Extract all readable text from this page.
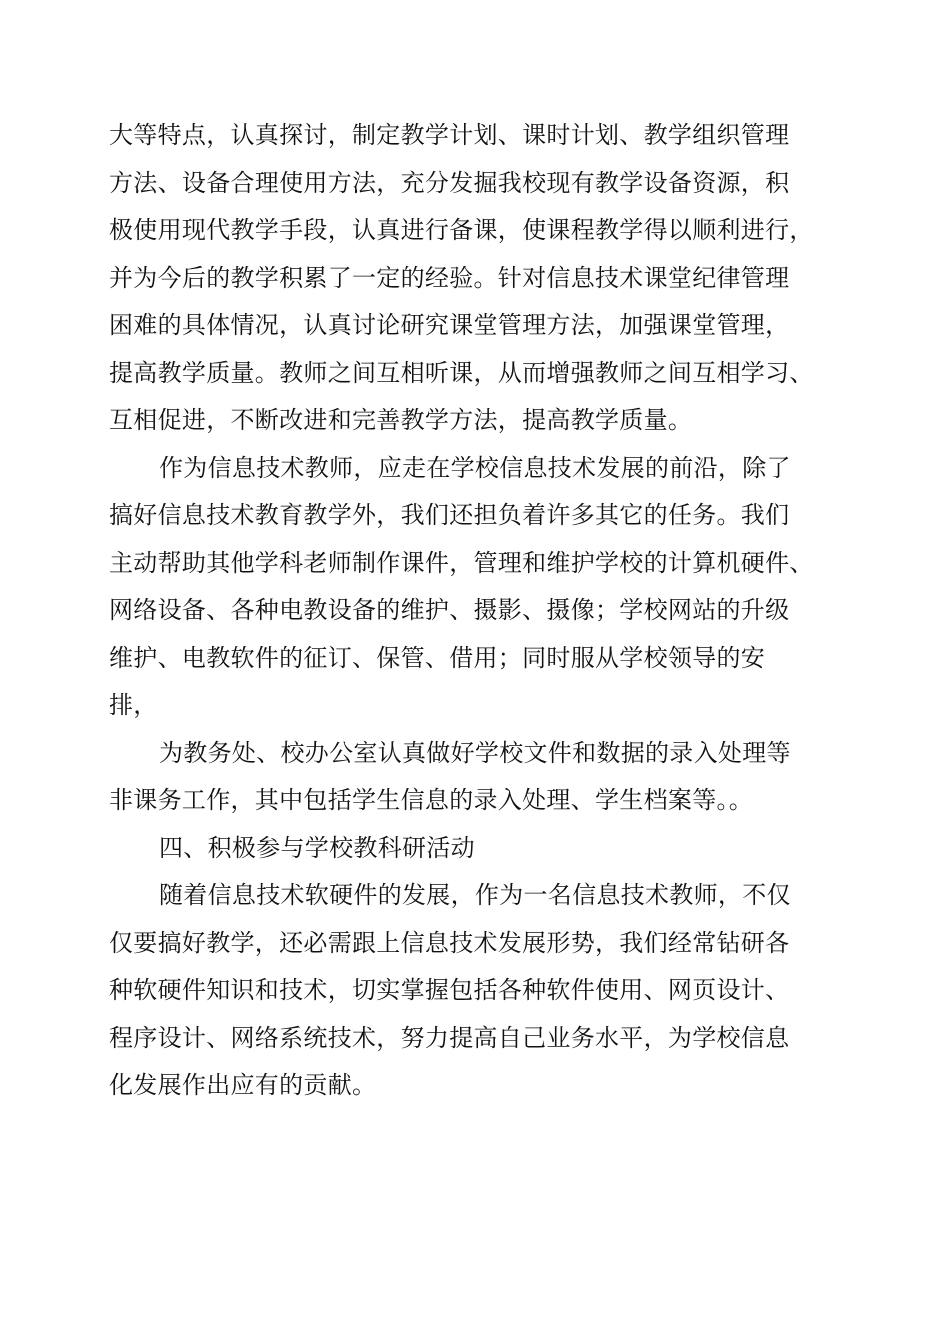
大等特点，认真探讨，制定教学计划、课时计划、教学组织管理
方法、设备合理使用方法，充分发掘我校现有教学设备资源，积
极使用现代教学手段，认真进行备课，使课程教学得以顺利进行，
并为今后的教学积累了一定的经验。针对信息技术课堂纪律管理
困难的具体情况，认真讨论研究课堂管理方法，加强课堂管理，
提高教学质量。教师之间互相听课，从而增强教师之间互相学习、
互相促进，不断改进和完善教学方法，提高教学质量。
作为信息技术教师，应走在学校信息技术发展的前沿，除了
搞好信息技术教育教学外，我们还担负着许多其它的任务。我们
主动帮助其他学科老师制作课件，管理和维护学校的计算机硬件、
网络设备、各种电教设备的维护、摄影、摄像；学校网站的升级
维护、电教软件的征订、保管、借用；同时服从学校领导的安
排，
为教务处、校办公室认真做好学校文件和数据的录入处理等
非课务工作，其中包括学生信息的录入处理、学生档案等。。
四、积极参与学校教科研活动
随着信息技术软硬件的发展，作为一名信息技术教师，不仅
仅要搞好教学，还必需跟上信息技术发展形势，我们经常钻研各
种软硬件知识和技术，切实掌握包括各种软件使用、网页设计、
程序设计、网络系统技术，努力提高自己业务水平，为学校信息
化发展作出应有的贡献。
